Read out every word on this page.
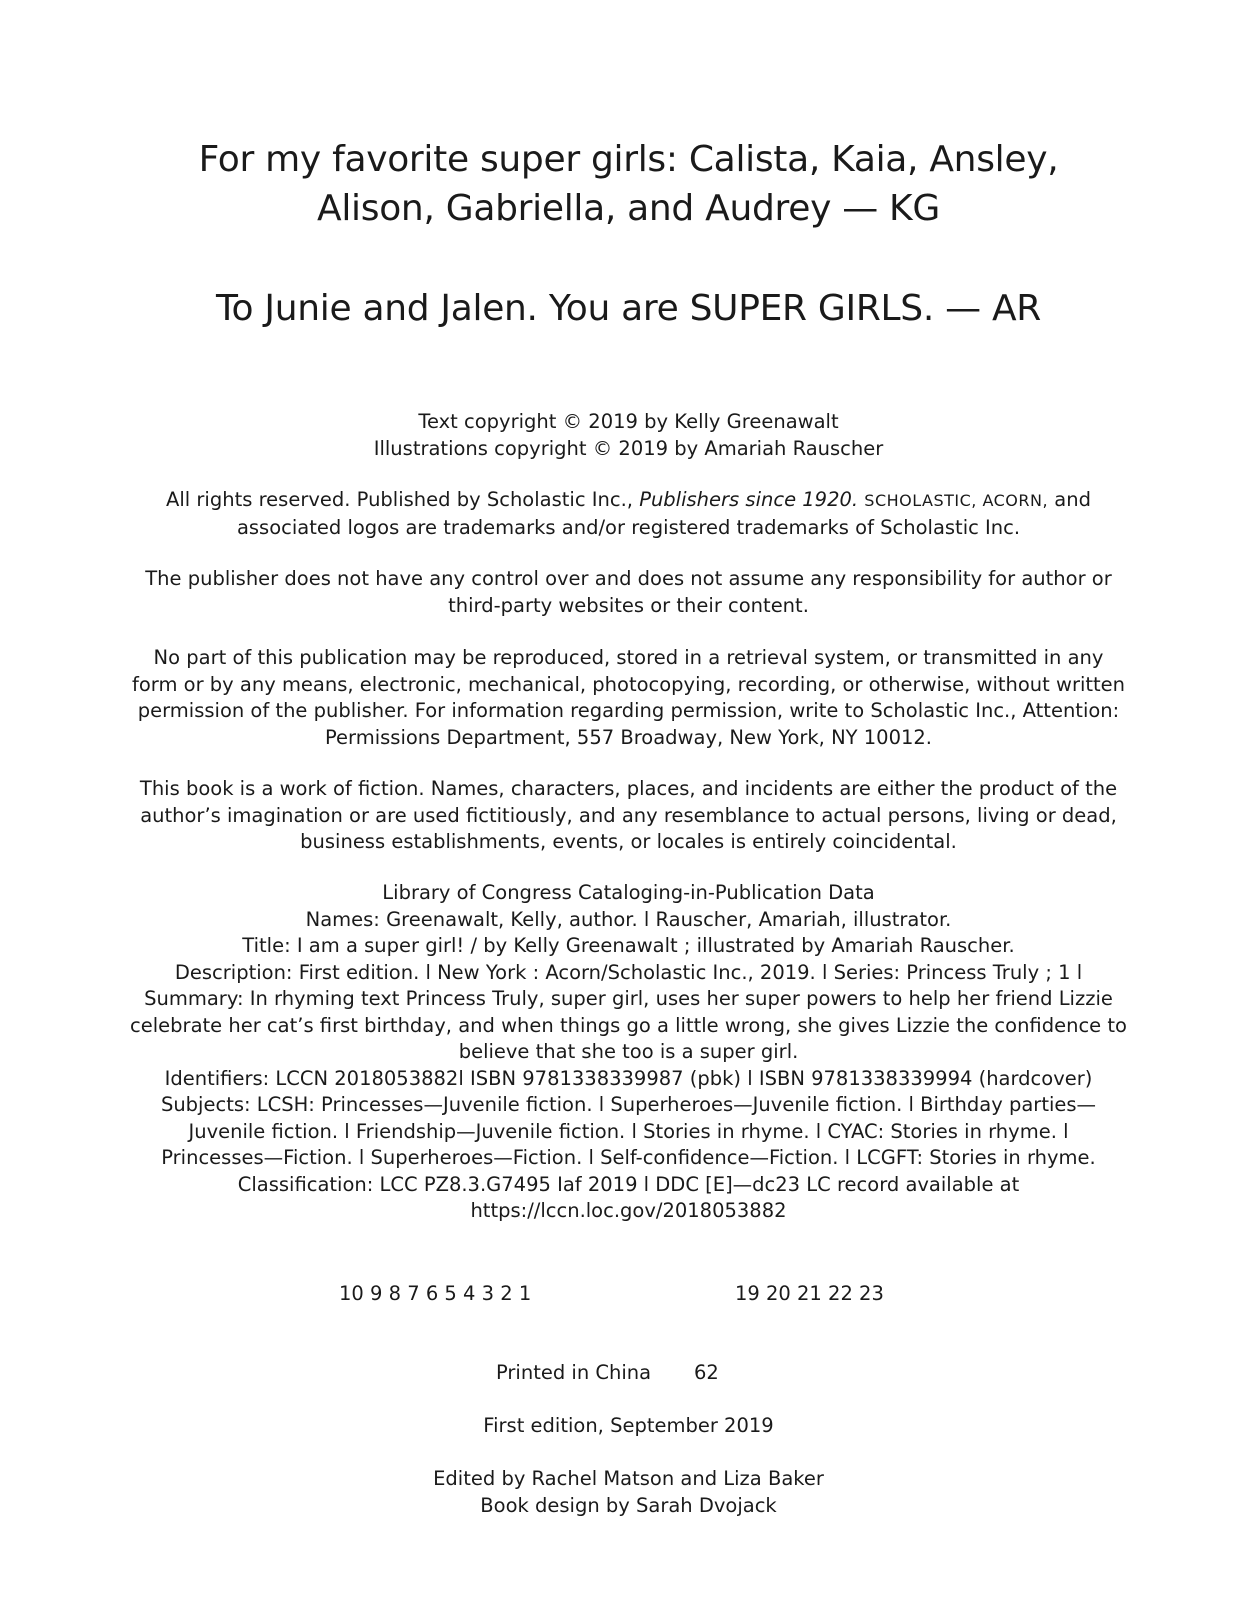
For my favorite super girls: Calista, Kaia, Ansley,
Alison, Gabriella, and Audrey — KG
To Junie and Jalen. You are SUPER GIRLS. — AR
Text copyright © 2019 by Kelly Greenawalt
Illustrations copyright © 2019 by Amariah Rauscher
All rights reserved. Published by Scholastic Inc., Publishers since 1920. SCHOLASTIC, ACORN, and
associated logos are trademarks and/or registered trademarks of Scholastic Inc.
The publisher does not have any control over and does not assume any responsibility for author or
third-party websites or their content.
No part of this publication may be reproduced, stored in a retrieval system, or transmitted in any
form or by any means, electronic, mechanical, photocopying, recording, or otherwise, without written
permission of the publisher. For information regarding permission, write to Scholastic Inc., Attention:
Permissions Department, 557 Broadway, New York, NY 10012.
This book is a work of fiction. Names, characters, places, and incidents are either the product of the
author’s imagination or are used fictitiously, and any resemblance to actual persons, living or dead,
business establishments, events, or locales is entirely coincidental.
Library of Congress Cataloging-in-Publication Data
Names: Greenawalt, Kelly, author. l Rauscher, Amariah, illustrator.
Title: I am a super girl! / by Kelly Greenawalt ; illustrated by Amariah Rauscher.
Description: First edition. l New York : Acorn/Scholastic Inc., 2019. l Series: Princess Truly ; 1 l
Summary: In rhyming text Princess Truly, super girl, uses her super powers to help her friend Lizzie
celebrate her cat’s first birthday, and when things go a little wrong, she gives Lizzie the confidence to
believe that she too is a super girl.
Identifiers: LCCN 2018053882l ISBN 9781338339987 (pbk) l ISBN 9781338339994 (hardcover)
Subjects: LCSH: Princesses—Juvenile fiction. l Superheroes—Juvenile fiction. l Birthday parties—
Juvenile fiction. l Friendship—Juvenile fiction. l Stories in rhyme. l CYAC: Stories in rhyme. l
Princesses—Fiction. l Superheroes—Fiction. l Self-confidence—Fiction. l LCGFT: Stories in rhyme.
Classification: LCC PZ8.3.G7495 Iaf 2019 l DDC [E]—dc23 LC record available at
https://lccn.loc.gov/2018053882
10 9 8 7 6 5 4 3 2 1	19 20 21 22 23
Printed in China 62
First edition, September 2019
Edited by Rachel Matson and Liza Baker
Book design by Sarah Dvojack
